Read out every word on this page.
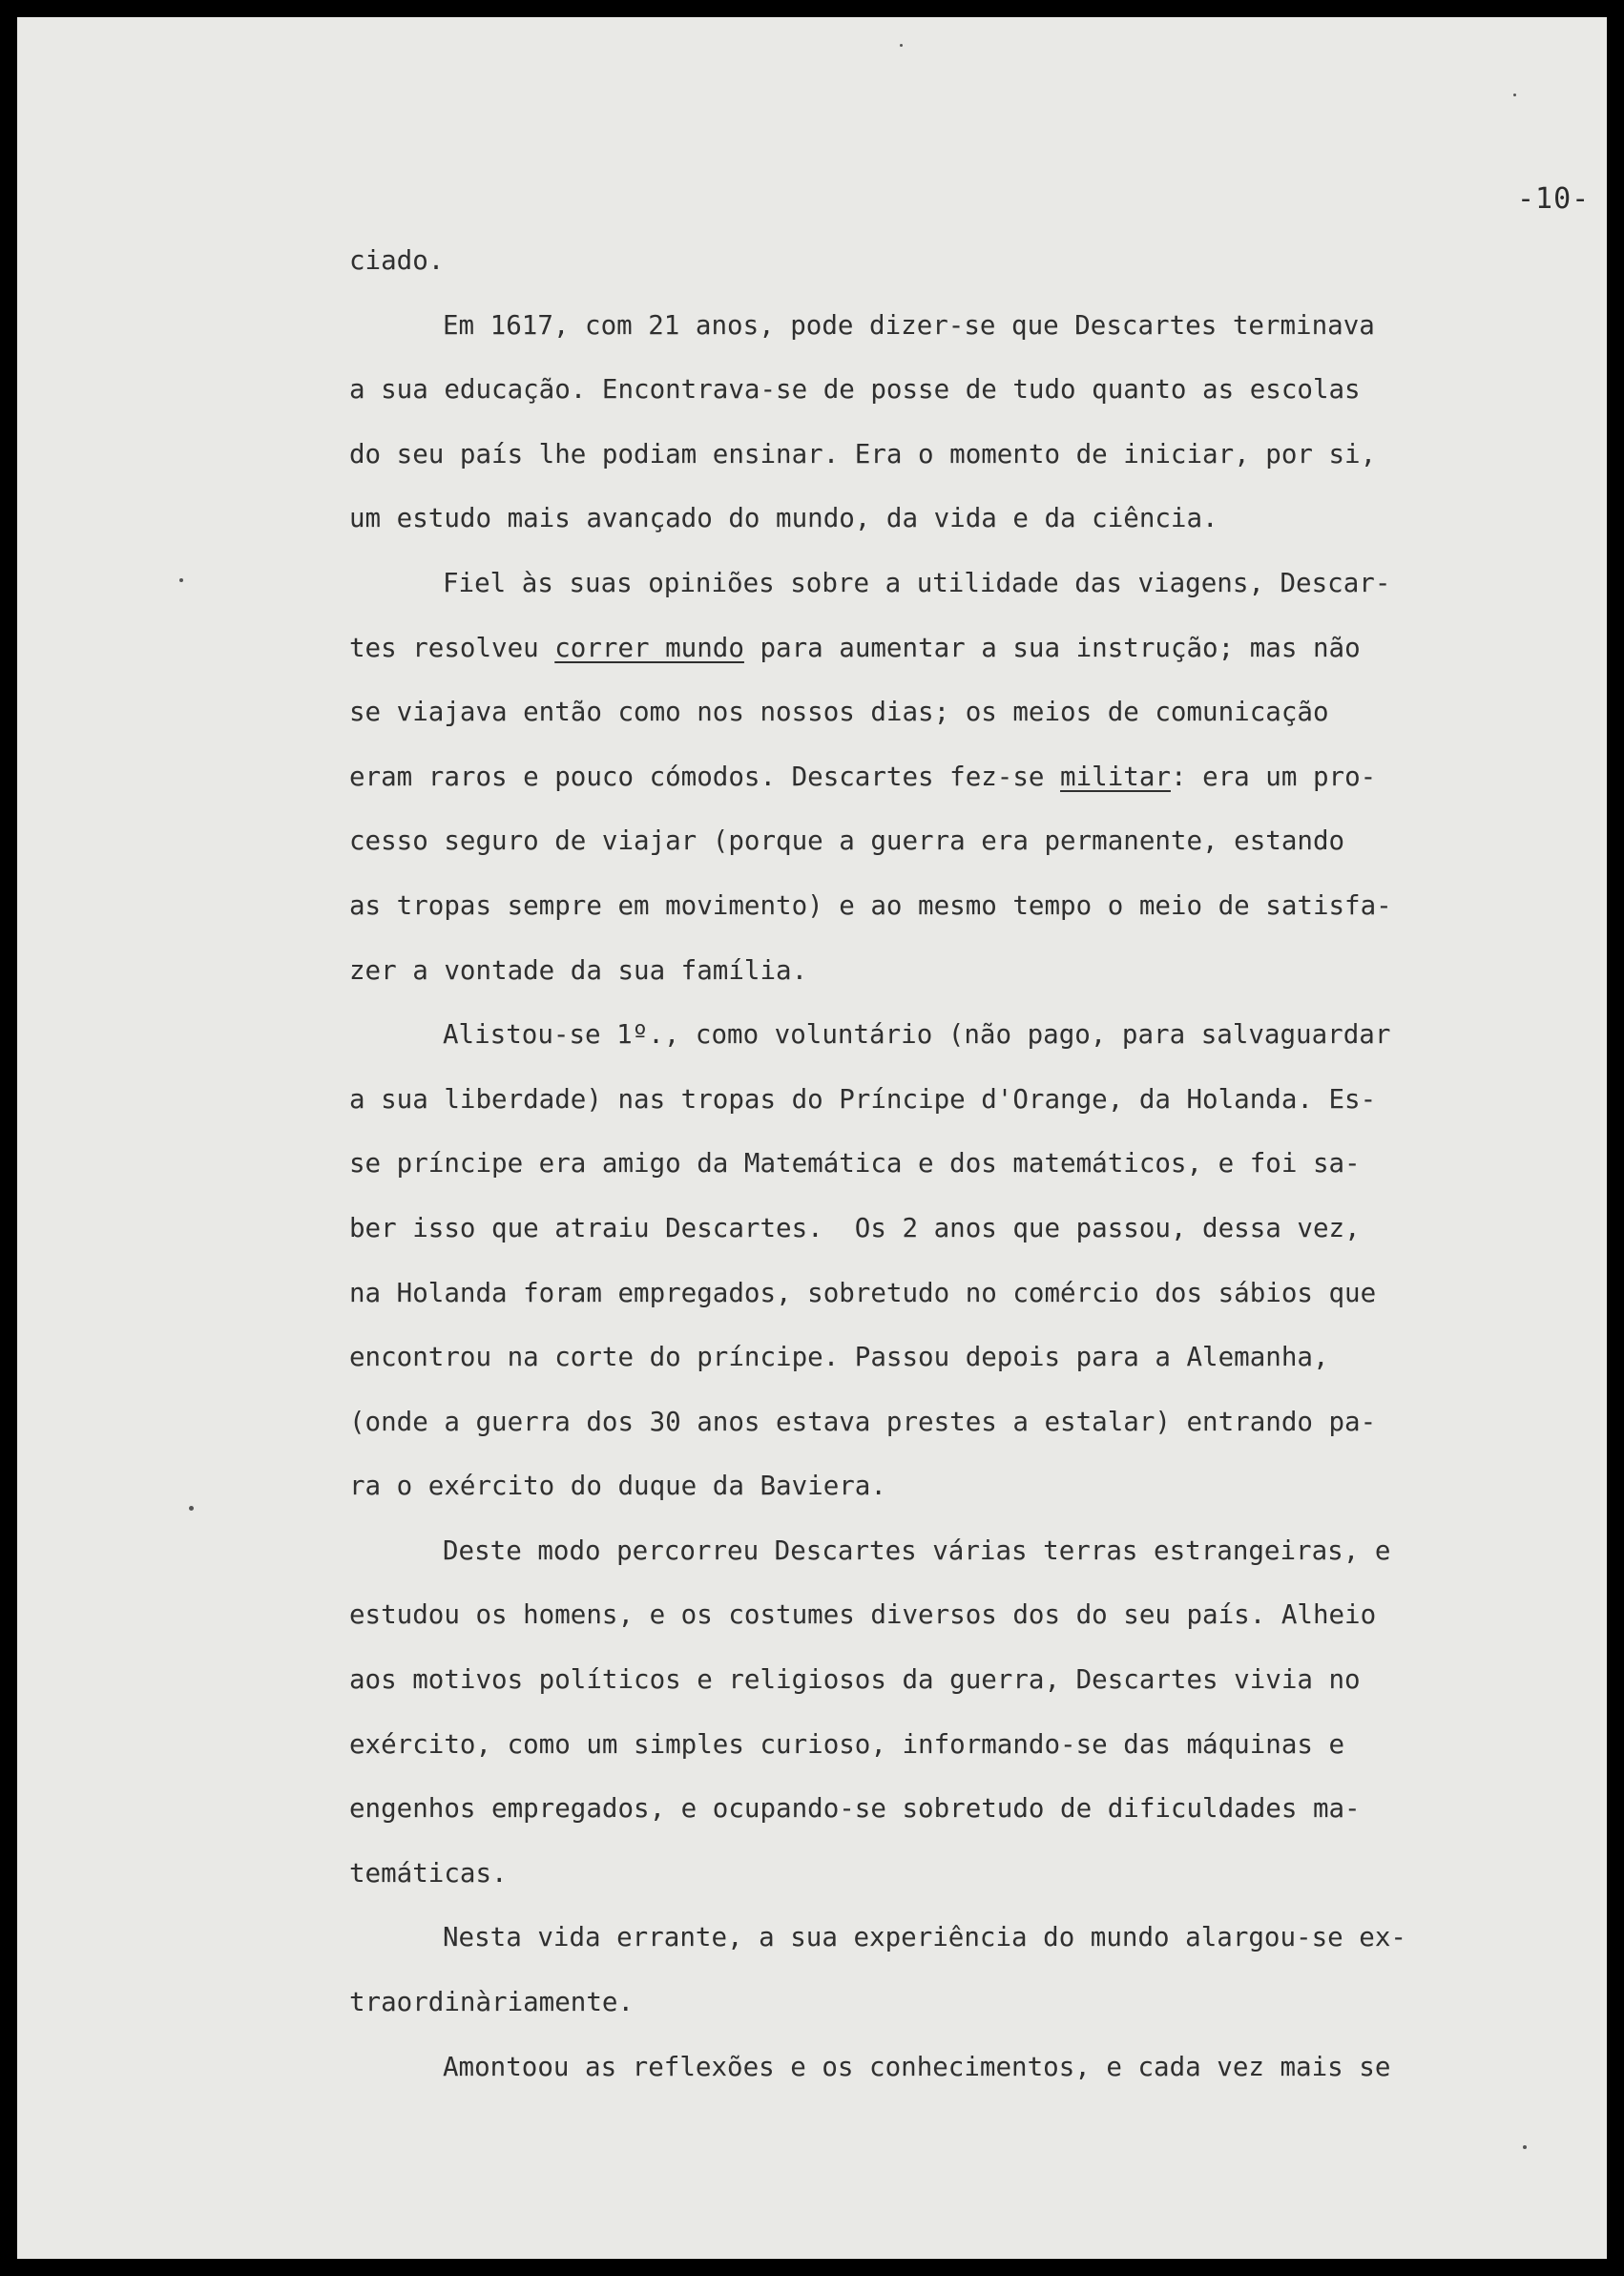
-10-
ciado.
Em 1617, com 21 anos, pode dizer-se que Descartes terminava
a sua educação. Encontrava-se de posse de tudo quanto as escolas
do seu país lhe podiam ensinar. Era o momento de iniciar, por si,
um estudo mais avançado do mundo, da vida e da ciência.
Fiel às suas opiniões sobre a utilidade das viagens, Descar-
tes resolveu correr mundo para aumentar a sua instrução; mas não
se viajava então como nos nossos dias; os meios de comunicação
eram raros e pouco cómodos. Descartes fez-se militar: era um pro-
cesso seguro de viajar (porque a guerra era permanente, estando
as tropas sempre em movimento) e ao mesmo tempo o meio de satisfa-
zer a vontade da sua família.
Alistou-se 1º., como voluntário (não pago, para salvaguardar
a sua liberdade) nas tropas do Príncipe d'Orange, da Holanda. Es-
se príncipe era amigo da Matemática e dos matemáticos, e foi sa-
ber isso que atraiu Descartes.  Os 2 anos que passou, dessa vez,
na Holanda foram empregados, sobretudo no comércio dos sábios que
encontrou na corte do príncipe. Passou depois para a Alemanha,
(onde a guerra dos 30 anos estava prestes a estalar) entrando pa-
ra o exército do duque da Baviera.
Deste modo percorreu Descartes várias terras estrangeiras, e
estudou os homens, e os costumes diversos dos do seu país. Alheio
aos motivos políticos e religiosos da guerra, Descartes vivia no
exército, como um simples curioso, informando-se das máquinas e
engenhos empregados, e ocupando-se sobretudo de dificuldades ma-
temáticas.
Nesta vida errante, a sua experiência do mundo alargou-se ex-
traordinàriamente.
Amontoou as reflexões e os conhecimentos, e cada vez mais se
